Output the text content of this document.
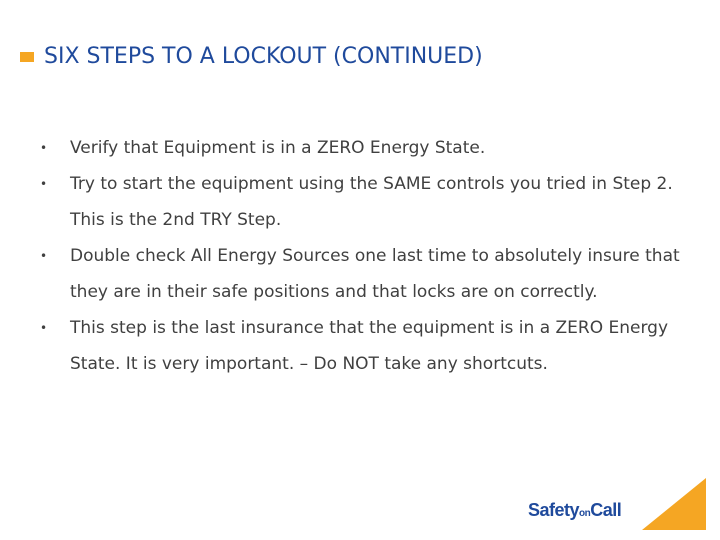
SIX STEPS TO A LOCKOUT (CONTINUED)
• Verify that Equipment is in a ZERO Energy State.
• Try to start the equipment using the SAME controls you tried in Step 2. This is the 2nd TRY Step.
• Double check All Energy Sources one last time to absolutely insure that they are in their safe positions and that locks are on correctly.
• This step is the last insurance that the equipment is in a ZERO Energy State. It is very important. – Do NOT take any shortcuts.
SafetyonCall
